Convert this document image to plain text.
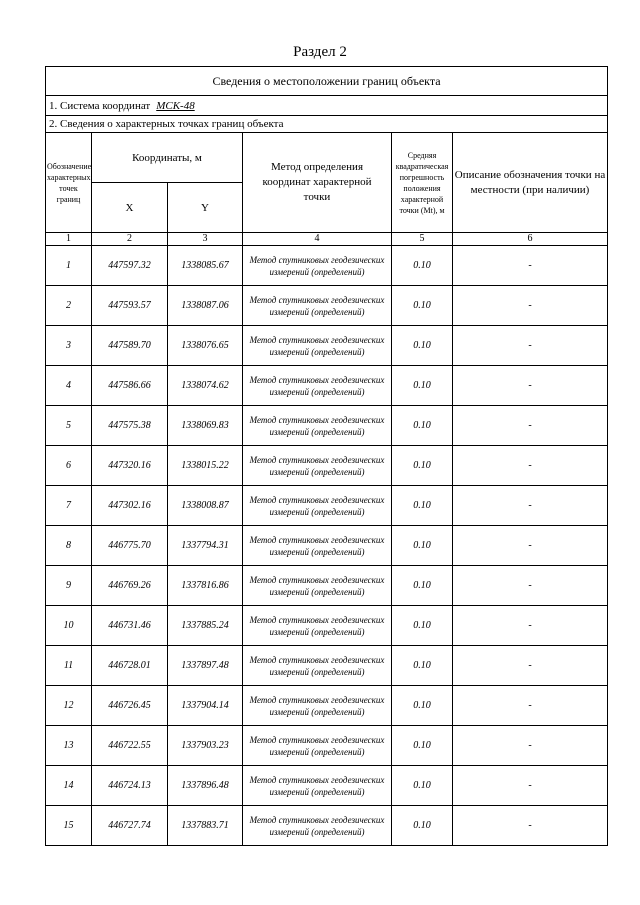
Раздел 2
Сведения о местоположении границ объекта					
1. Система координат МСК-48					
2. Сведения о характерных точках границ объекта					
Обозначение характерных точек границ	Координаты, м		Метод определения координат характерной точки	Средняя квадратическая погрешность положения характерной точки (Mt), м	Описание обозначения точки на местности (при наличии)
	X	Y			
1	2	3	4	5	6
1	447597.32	1338085.67	Метод спутниковых геодезических измерений (определений)	0.10	-
2	447593.57	1338087.06	Метод спутниковых геодезических измерений (определений)	0.10	-
3	447589.70	1338076.65	Метод спутниковых геодезических измерений (определений)	0.10	-
4	447586.66	1338074.62	Метод спутниковых геодезических измерений (определений)	0.10	-
5	447575.38	1338069.83	Метод спутниковых геодезических измерений (определений)	0.10	-
6	447320.16	1338015.22	Метод спутниковых геодезических измерений (определений)	0.10	-
7	447302.16	1338008.87	Метод спутниковых геодезических измерений (определений)	0.10	-
8	446775.70	1337794.31	Метод спутниковых геодезических измерений (определений)	0.10	-
9	446769.26	1337816.86	Метод спутниковых геодезических измерений (определений)	0.10	-
10	446731.46	1337885.24	Метод спутниковых геодезических измерений (определений)	0.10	-
11	446728.01	1337897.48	Метод спутниковых геодезических измерений (определений)	0.10	-
12	446726.45	1337904.14	Метод спутниковых геодезических измерений (определений)	0.10	-
13	446722.55	1337903.23	Метод спутниковых геодезических измерений (определений)	0.10	-
14	446724.13	1337896.48	Метод спутниковых геодезических измерений (определений)	0.10	-
15	446727.74	1337883.71	Метод спутниковых геодезических измерений (определений)	0.10	-
